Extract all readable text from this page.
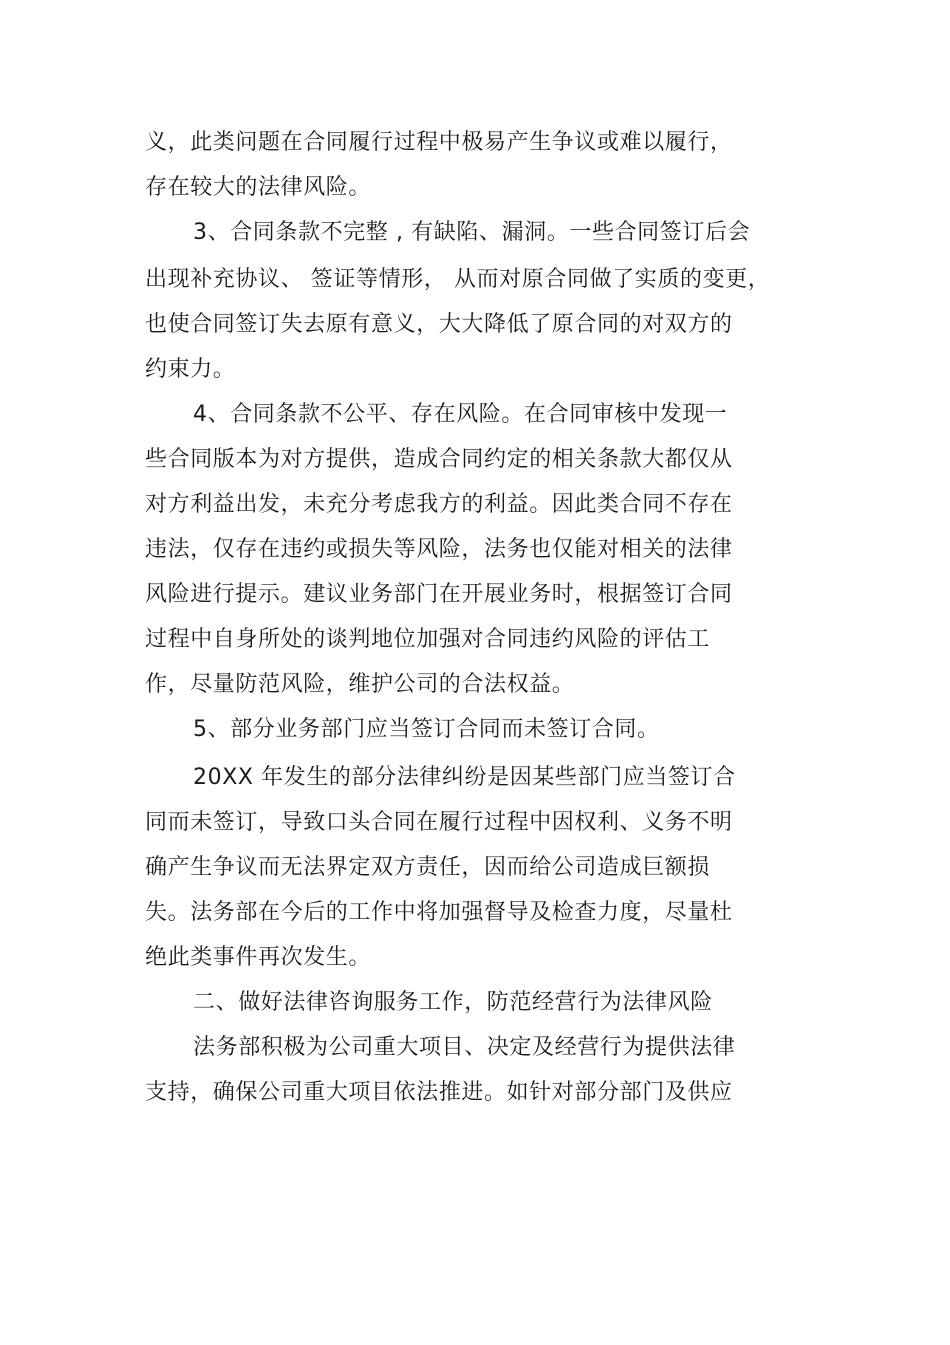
义，此类问题在合同履行过程中极易产生争议或难以履行，
存在较大的法律风险。
3、合同条款不完整 , 有缺陷、漏洞。一些合同签订后会
出现补充协议、 签证等情形， 从而对原合同做了实质的变更，
也使合同签订失去原有意义，大大降低了原合同的对双方的
约束力。
4、合同条款不公平、存在风险。在合同审核中发现一
些合同版本为对方提供，造成合同约定的相关条款大都仅从
对方利益出发，未充分考虑我方的利益。因此类合同不存在
违法，仅存在违约或损失等风险，法务也仅能对相关的法律
风险进行提示。建议业务部门在开展业务时，根据签订合同
过程中自身所处的谈判地位加强对合同违约风险的评估工
作，尽量防范风险，维护公司的合法权益。
5、部分业务部门应当签订合同而未签订合同。
20XX 年发生的部分法律纠纷是因某些部门应当签订合
同而未签订，导致口头合同在履行过程中因权利、义务不明
确产生争议而无法界定双方责任，因而给公司造成巨额损
失。法务部在今后的工作中将加强督导及检查力度，尽量杜
绝此类事件再次发生。
二、做好法律咨询服务工作，防范经营行为法律风险
法务部积极为公司重大项目、决定及经营行为提供法律
支持，确保公司重大项目依法推进。如针对部分部门及供应
